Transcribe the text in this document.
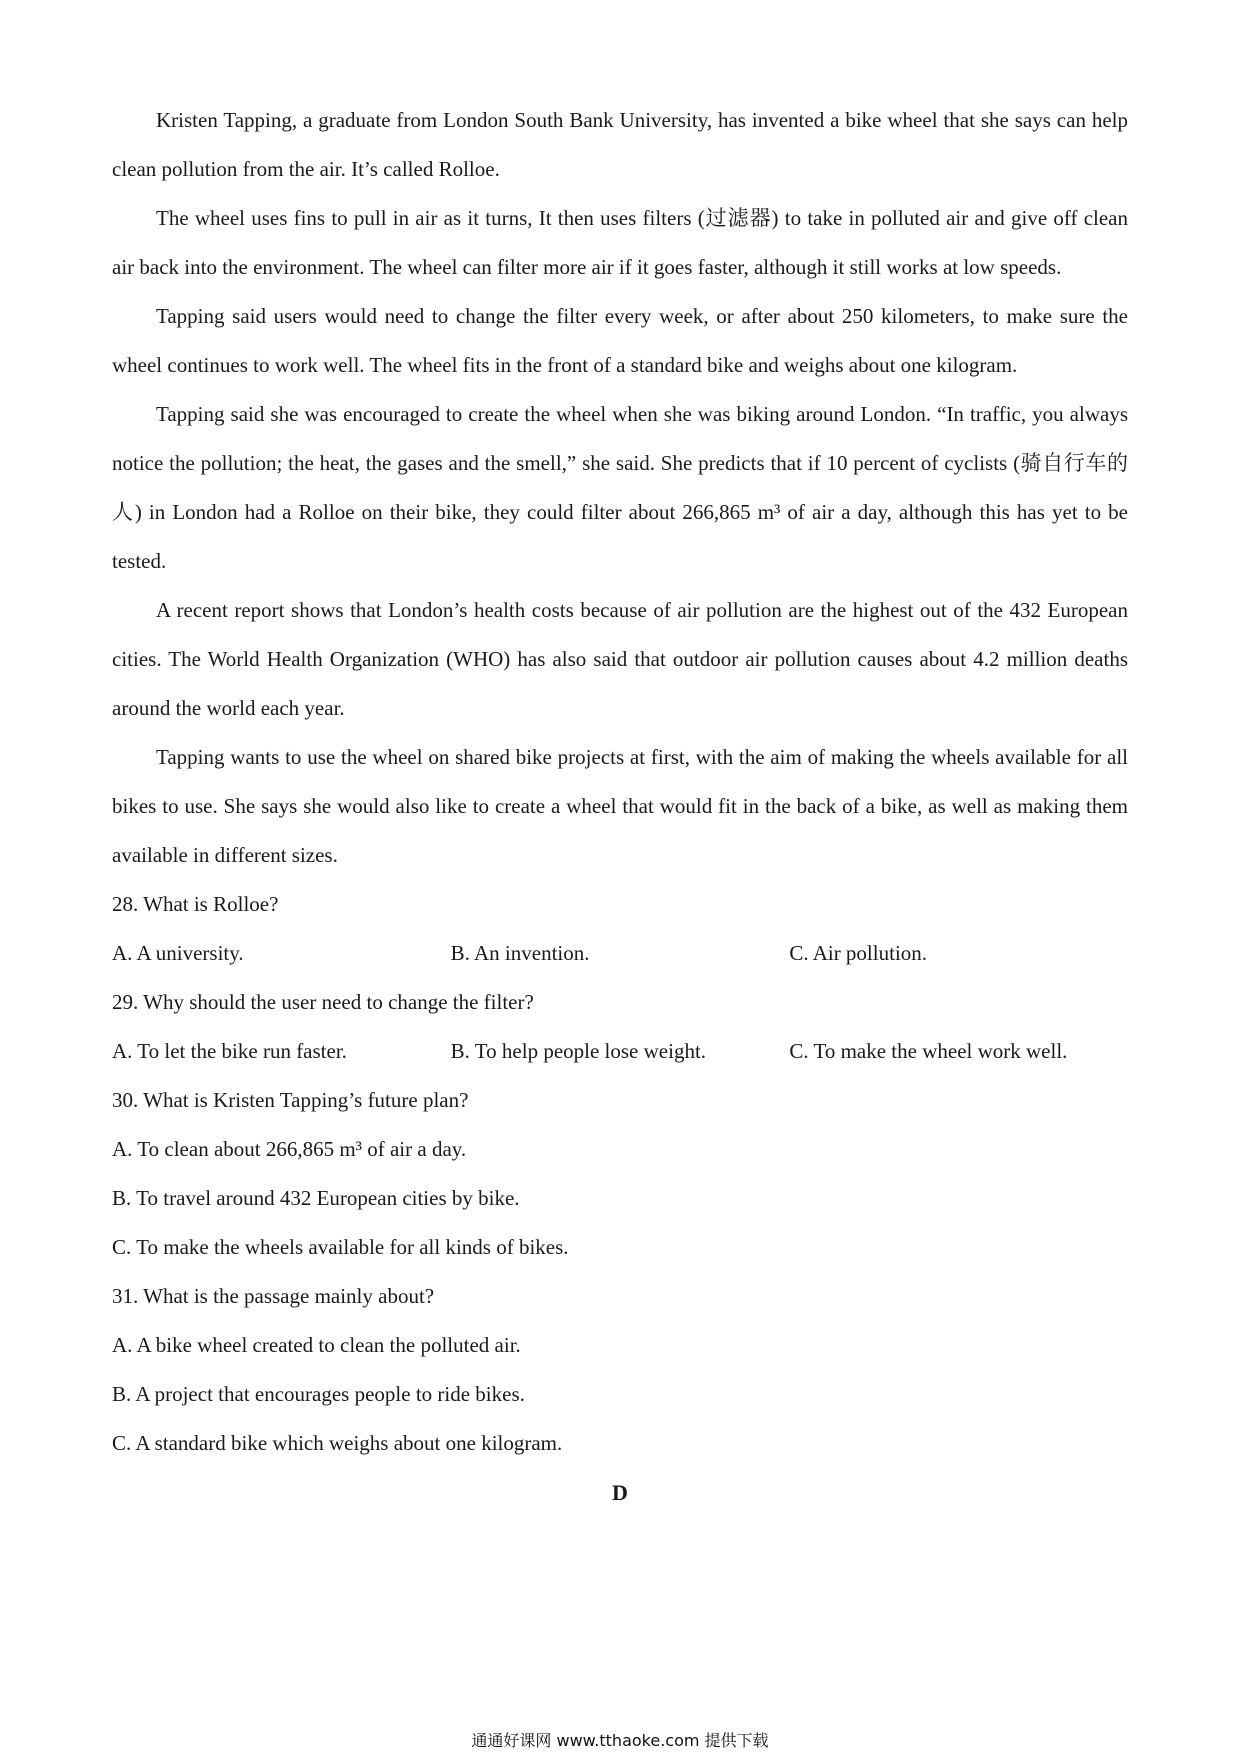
Kristen Tapping, a graduate from London South Bank University, has invented a bike wheel that she says can help clean pollution from the air. It’s called Rolloe.

The wheel uses fins to pull in air as it turns, It then uses filters (过滤器) to take in polluted air and give off clean air back into the environment. The wheel can filter more air if it goes faster, although it still works at low speeds.

Tapping said users would need to change the filter every week, or after about 250 kilometers, to make sure the wheel continues to work well. The wheel fits in the front of a standard bike and weighs about one kilogram.

Tapping said she was encouraged to create the wheel when she was biking around London. “In traffic, you always notice the pollution; the heat, the gases and the smell,” she said. She predicts that if 10 percent of cyclists (骑自行车的人) in London had a Rolloe on their bike, they could filter about 266,865 m³ of air a day, although this has yet to be tested.

A recent report shows that London’s health costs because of air pollution are the highest out of the 432 European cities. The World Health Organization (WHO) has also said that outdoor air pollution causes about 4.2 million deaths around the world each year.

Tapping wants to use the wheel on shared bike projects at first, with the aim of making the wheels available for all bikes to use. She says she would also like to create a wheel that would fit in the back of a bike, as well as making them available in different sizes.

28. What is Rolloe?

A. A university.	B. An invention.	C. Air pollution.

29. Why should the user need to change the filter?

A. To let the bike run faster.	B. To help people lose weight.	C. To make the wheel work well.

30. What is Kristen Tapping’s future plan?

A. To clean about 266,865 m³ of air a day.

B. To travel around 432 European cities by bike.

C. To make the wheels available for all kinds of bikes.

31. What is the passage mainly about?

A. A bike wheel created to clean the polluted air.

B. A project that encourages people to ride bikes.

C. A standard bike which weighs about one kilogram.

D
通通好课网 www.tthaoke.com 提供下载
